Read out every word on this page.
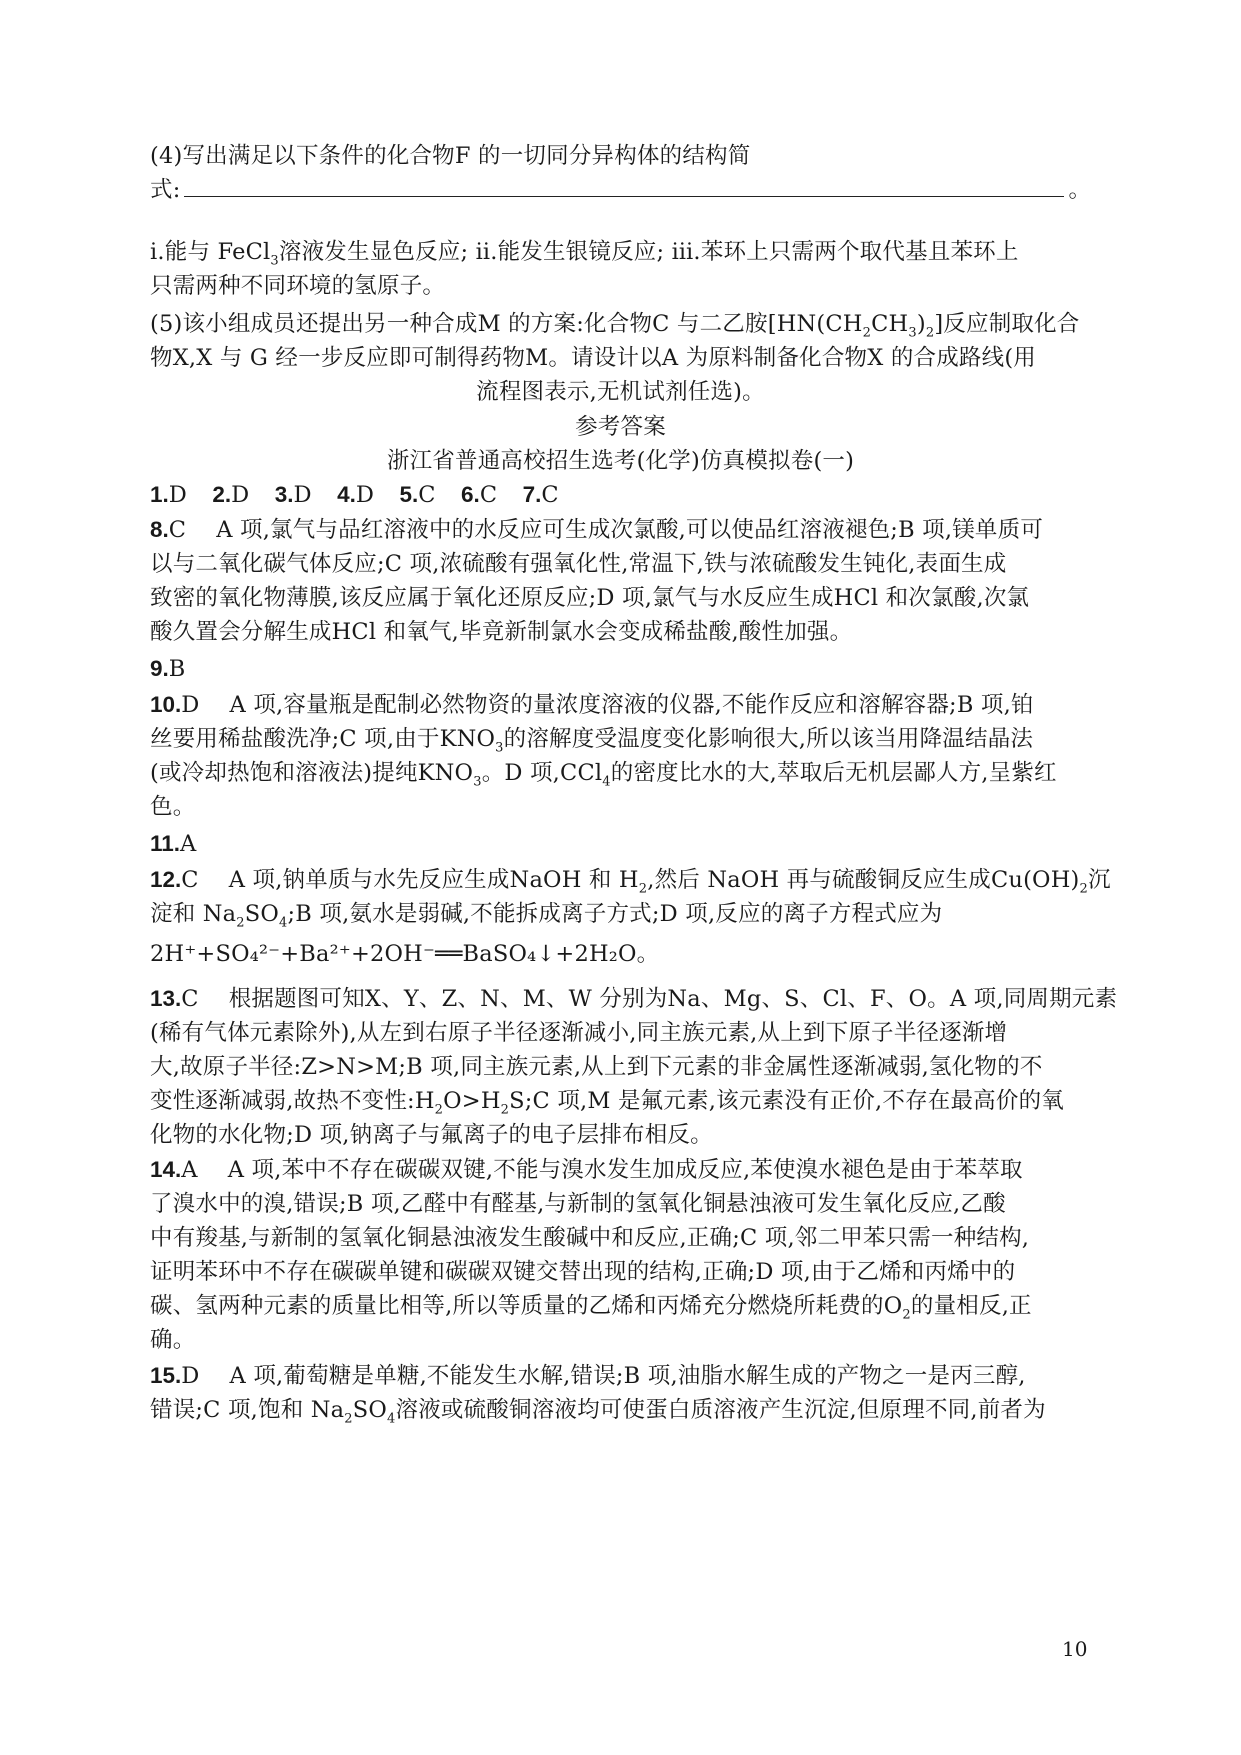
(4)写出满足以下条件的化合物F 的一切同分异构体的结构简
式:	。
ⅰ.能与 FeCl$_3$溶液发生显色反应; ⅱ.能发生银镜反应; ⅲ.苯环上只需两个取代基且苯环上
只需两种不同环境的氢原子。
(5)该小组成员还提出另一种合成M 的方案:化合物C 与二乙胺$[HN(CH_2CH_3)_2]$反应制取化合
物X,X 与 G 经一步反应即可制得药物M。请设计以A 为原料制备化合物X 的合成路线(用
流程图表示,无机试剂任选)。
参考答案
浙江省普通高校招生选考(化学)仿真模拟卷(一)
1.D 2.D 3.D 4.D 5.C 6.C 7.C
8.C A 项,氯气与品红溶液中的水反应可生成次氯酸,可以使品红溶液褪色;B 项,镁单质可
以与二氧化碳气体反应;C 项,浓硫酸有强氧化性,常温下,铁与浓硫酸发生钝化,表面生成
致密的氧化物薄膜,该反应属于氧化还原反应;D 项,氯气与水反应生成HCl 和次氯酸,次氯
酸久置会分解生成HCl 和氧气,毕竟新制氯水会变成稀盐酸,酸性加强。
9.B
10.D A 项,容量瓶是配制必然物资的量浓度溶液的仪器,不能作反应和溶解容器;B 项,铂
丝要用稀盐酸洗净;C 项,由于$KNO_3$的溶解度受温度变化影响很大,所以该当用降温结晶法
(或冷却热饱和溶液法)提纯$KNO_3$。D 项,CCl$_4$的密度比水的大,萃取后无机层鄙人方,呈紫红
色。
11.A
12.C A 项,钠单质与水先反应生成NaOH 和 $H_2$,然后 NaOH 再与硫酸铜反应生成$Cu(OH)_2$沉
淀和 $Na_2SO_4;B$ 项,氨水是弱碱,不能拆成离子方式;D 项,反应的离子方程式应为
2H⁺+SO₄²⁻+Ba²⁺+2OH⁻══BaSO₄↓+2H₂O。
13.C 根据题图可知X、Y、Z、N、M、W 分别为Na、Mg、S、Cl、F、O。A 项,同周期元素
(稀有气体元素除外),从左到右原子半径逐渐减小,同主族元素,从上到下原子半径逐渐增
大,故原子半径:Z>N>M;B 项,同主族元素,从上到下元素的非金属性逐渐减弱,氢化物的不
变性逐渐减弱,故热不变性$:H_2O>H_2S;C$ 项,M 是氟元素,该元素没有正价,不存在最高价的氧
化物的水化物;D 项,钠离子与氟离子的电子层排布相反。
14.A A 项,苯中不存在碳碳双键,不能与溴水发生加成反应,苯使溴水褪色是由于苯萃取
了溴水中的溴,错误;B 项,乙醛中有醛基,与新制的氢氧化铜悬浊液可发生氧化反应,乙酸
中有羧基,与新制的氢氧化铜悬浊液发生酸碱中和反应,正确;C 项,邻二甲苯只需一种结构,
证明苯环中不存在碳碳单键和碳碳双键交替出现的结构,正确;D 项,由于乙烯和丙烯中的
碳、氢两种元素的质量比相等,所以等质量的乙烯和丙烯充分燃烧所耗费的$O_2$的量相反,正
确。
15.D A 项,葡萄糖是单糖,不能发生水解,错误;B 项,油脂水解生成的产物之一是丙三醇,
错误;C 项,饱和 $Na_2SO_4$溶液或硫酸铜溶液均可使蛋白质溶液产生沉淀,但原理不同,前者为
10
